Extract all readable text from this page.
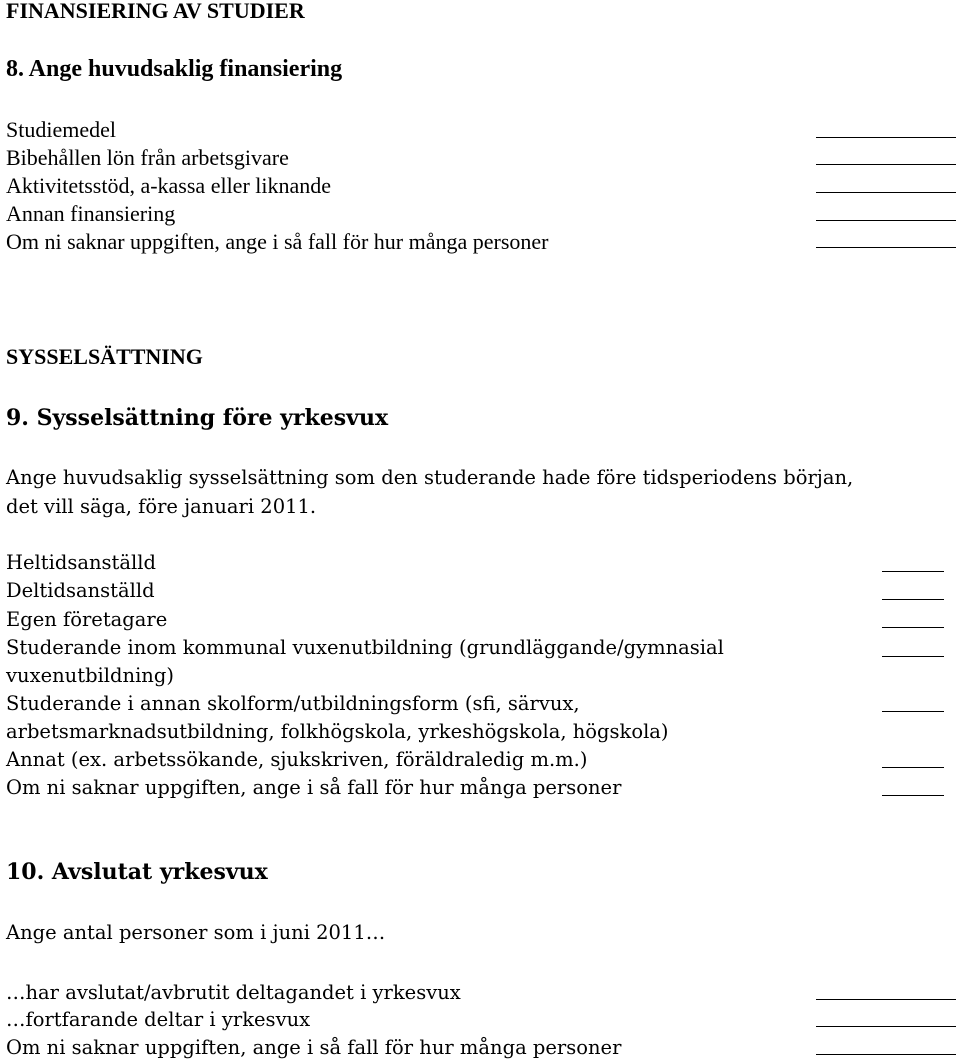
FINANSIERING AV STUDIER
8. Ange huvudsaklig finansiering
Studiemedel
Bibehållen lön från arbetsgivare
Aktivitetsstöd, a-kassa eller liknande
Annan finansiering
Om ni saknar uppgiften, ange i så fall för hur många personer
SYSSELSÄTTNING
9. Sysselsättning före yrkesvux
Ange huvudsaklig sysselsättning som den studerande hade före tidsperiodens början,
det vill säga, före januari 2011.
Heltidsanställd
Deltidsanställd
Egen företagare
Studerande inom kommunal vuxenutbildning (grundläggande/gymnasial
vuxenutbildning)
Studerande i annan skolform/utbildningsform (sfi, särvux,
arbetsmarknadsutbildning, folkhögskola, yrkeshögskola, högskola)
Annat (ex. arbetssökande, sjukskriven, föräldraledig m.m.)
Om ni saknar uppgiften, ange i så fall för hur många personer
10. Avslutat yrkesvux
Ange antal personer som i juni 2011…
…har avslutat/avbrutit deltagandet i yrkesvux
…fortfarande deltar i yrkesvux
Om ni saknar uppgiften, ange i så fall för hur många personer
